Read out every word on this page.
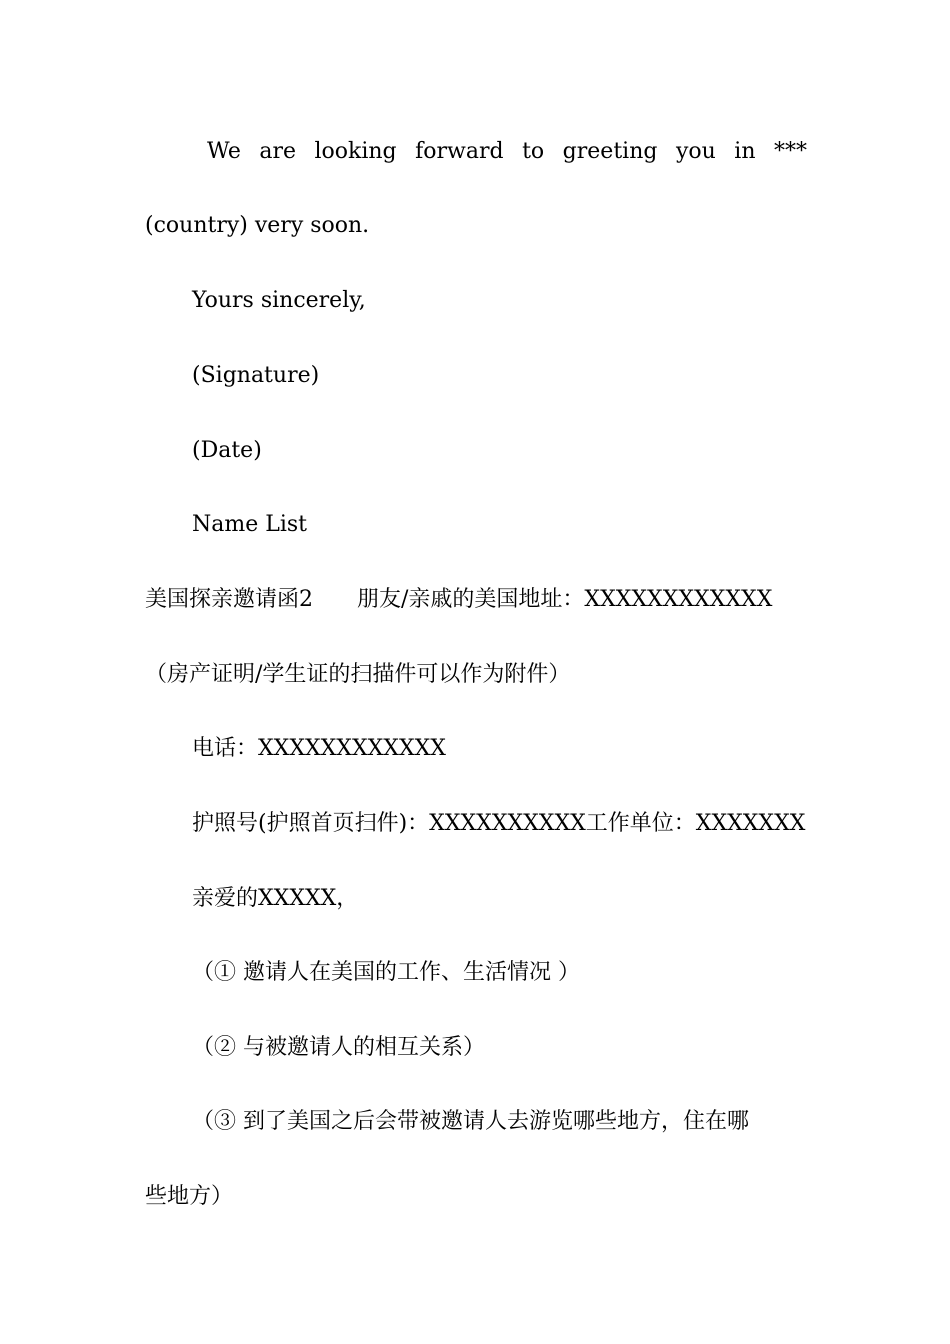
We are looking forward to greeting you in ***
(country) very soon.
Yours sincerely,
(Signature)
(Date)
Name List
美国探亲邀请函2　　朋友/亲戚的美国地址：XXXXXXXXXXXX
（房产证明/学生证的扫描件可以作为附件）
电话：XXXXXXXXXXXX
护照号(护照首页扫件)：XXXXXXXXXX工作单位：XXXXXXX
亲爱的XXXXX，
（① 邀请人在美国的工作、生活情况 ）
（② 与被邀请人的相互关系）
（③ 到了美国之后会带被邀请人去游览哪些地方，住在哪
些地方）
